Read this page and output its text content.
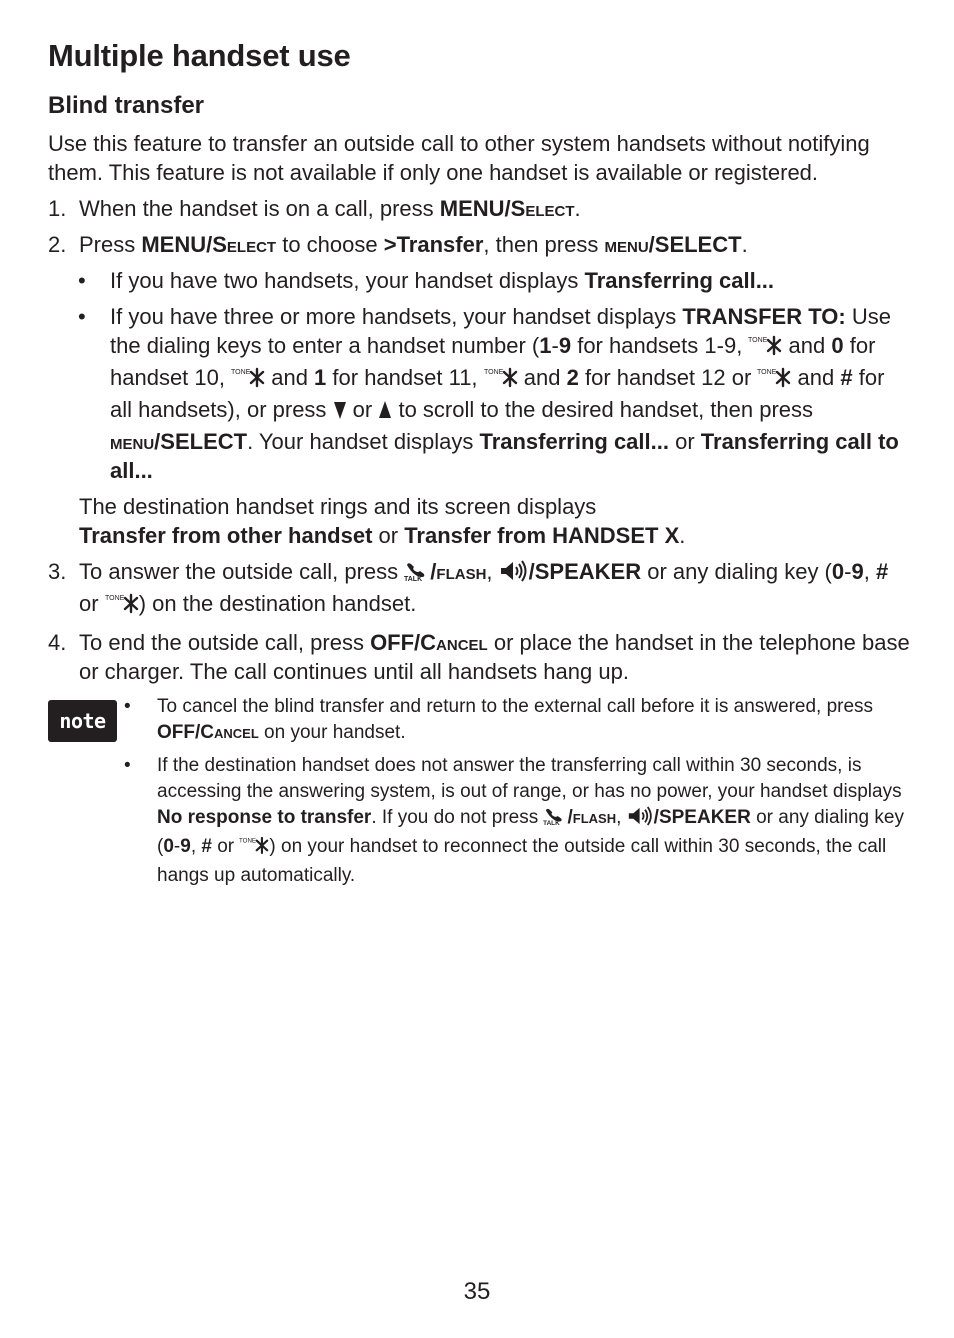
Multiple handset use
Blind transfer

Use this feature to transfer an outside call to other system handsets without notifying them. This feature is not available if only one handset is available or registered.

1. When the handset is on a call, press MENU/Select.
2. Press MENU/Select to choose >Transfer, then press menu/SELECT.
• If you have two handsets, your handset displays Transferring call...
• If you have three or more handsets, your handset displays TRANSFER TO: Use the dialing keys to enter a handset number (1-9 for handsets 1-9, TONE and 0 for handset 10, TONE and 1 for handset 11, TONE and 2 for handset 12 or TONE and # for all handsets), or press  or  to scroll to the desired handset, then press menu/SELECT. Your handset displays Transferring call... or Transferring call to all...
The destination handset rings and its screen displays
Transfer from other handset or Transfer from HANDSET X.
3. To answer the outside call, press TALK /flash, /SPEAKER or any dialing key (0-9, # or TONE ) on the destination handset.
4. To end the outside call, press OFF/Cancel or place the handset in the telephone base or charger. The call continues until all handsets hang up.
note
• To cancel the blind transfer and return to the external call before it is answered, press OFF/Cancel on your handset.
• If the destination handset does not answer the transferring call within 30 seconds, is accessing the answering system, is out of range, or has no power, your handset displays No response to transfer. If you do not press TALK /flash, /SPEAKER or any dialing key (0-9, # or TONE ) on your handset to reconnect the outside call within 30 seconds, the call hangs up automatically.
35
